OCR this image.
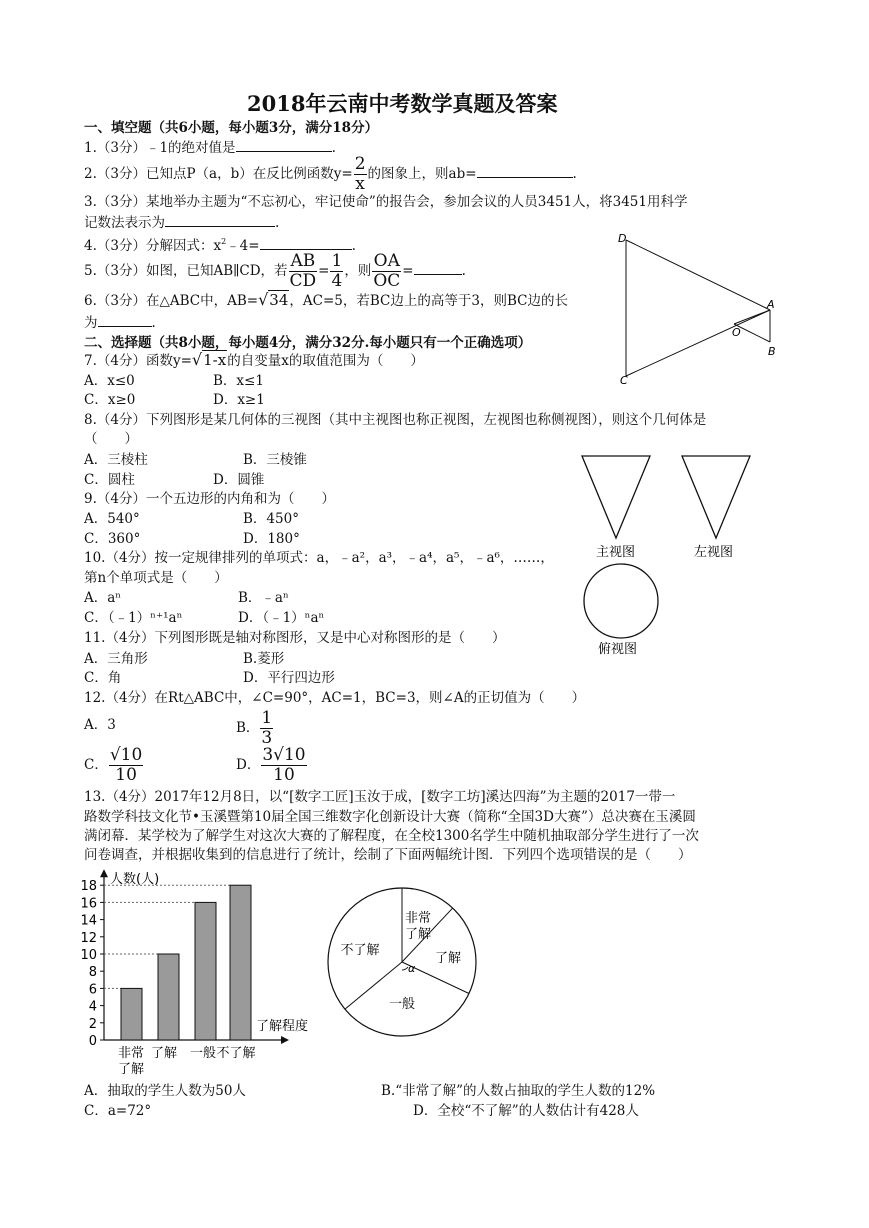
2018年云南中考数学真题及答案
一、填空题（共6小题，每小题3分，满分18分）
1.（3分）﹣1的绝对值是	.
2.（3分）已知点P（a，b）在反比例函数$y= \frac{2}{x}$ 的图象上，则ab=	.
3.（3分）某地举办主题为“不忘初心，牢记使命”的报告会，参加会议的人员3451人，将3451用科学
记数法表示为	.
4.（3分）分解因式：$x^2﹣4=$	.
5.（3分）如图，已知AB∥CD，若 $\frac{AB}{CD} = \frac{1}{4}$ ，则 $\frac{OA}{OC}$ =	.
6.（3分）在△ABC中，AB=√34，AC=5，若BC边上的高等于3，则BC边的长
为	.
D
A
O
B
C
二、选择题（共8小题，每小题4分，满分32分.每小题只有一个正确选项）
7.（4分）函数y=√1-x的自变量x的取值范围为（　　）
A．x≤0	B．x≤1
C．x≥0	D．x≥1
8.（4分）下列图形是某几何体的三视图（其中主视图也称正视图，左视图也称侧视图），则这个几何体是
（　　）
A．三棱柱	B．三棱锥
C．圆柱	D．圆锥
主视图	左视图
俯视图
9.（4分）一个五边形的内角和为（　　）
A．540°	B．450°
C．360°	D．180°
10.（4分）按一定规律排列的单项式：a，﹣a²，a³，﹣a⁴，a⁵，﹣a⁶，……，
第n个单项式是（　　）
A．aⁿ	B．﹣aⁿ
C．（﹣1）ⁿ⁺¹aⁿ	D．（﹣1）ⁿaⁿ
11.（4分）下列图形既是轴对称图形，又是中心对称图形的是（　　）
A．三角形	B.菱形
C．角	D．平行四边形
12.（4分）在Rt△ABC中，∠C=90°，AC=1，BC=3，则∠A的正切值为（　　）
A．3	B． $\frac{1}{3}$
C． $\frac{√10}{10}$	D． $\frac{3√10}{10}$
13.（4分）2017年12月8日，以“[数字工匠]玉汝于成，[数字工坊]溪达四海”为主题的2017一带一
路数学科技文化节•玉溪暨第10届全国三维数字化创新设计大赛（简称“全国3D大赛”）总决赛在玉溪圆
满闭幕．某学校为了解学生对这次大赛的了解程度，在全校1300名学生中随机抽取部分学生进行了一次
问卷调查，并根据收集到的信息进行了统计，绘制了下面两幅统计图．下列四个选项错误的是（　　）
人数(人)
了解程度
0
2
4
6
8
10
12
14
16
18
非常
了解
了解 一般 不了解
非常
了解
了解
一般
不了解
α
A．抽取的学生人数为50人	B.“非常了解”的人数占抽取的学生人数的12%
C．a=72°	D．全校“不了解”的人数估计有428人
